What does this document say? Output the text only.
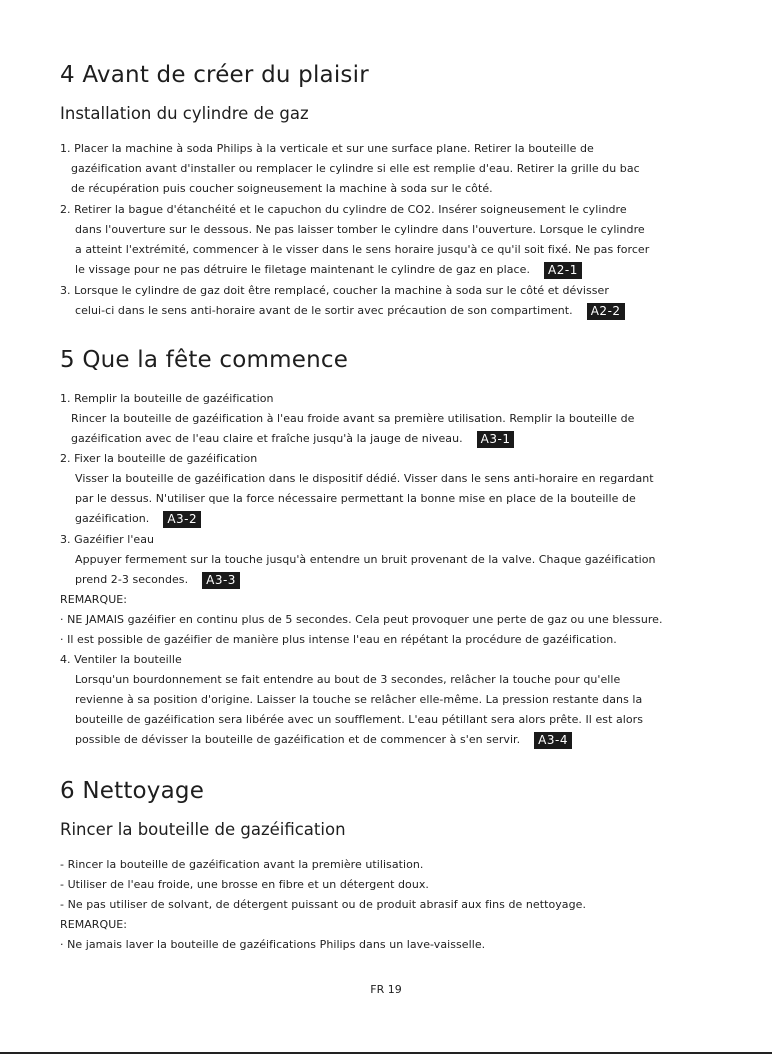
4 Avant de créer du plaisir
Installation du cylindre de gaz
1. Placer la machine à soda Philips à la verticale et sur une surface plane. Retirer la bouteille de
gazéification avant d'installer ou remplacer le cylindre si elle est remplie d'eau. Retirer la grille du bac
de récupération puis coucher soigneusement la machine à soda sur le côté.
2. Retirer la bague d'étanchéité et le capuchon du cylindre de CO2. Insérer soigneusement le cylindre
dans l'ouverture sur le dessous. Ne pas laisser tomber le cylindre dans l'ouverture. Lorsque le cylindre
a atteint l'extrémité, commencer à le visser dans le sens horaire jusqu'à ce qu'il soit fixé. Ne pas forcer
le vissage pour ne pas détruire le filetage maintenant le cylindre de gaz en place. A2-1
3. Lorsque le cylindre de gaz doit être remplacé, coucher la machine à soda sur le côté et dévisser
celui-ci dans le sens anti-horaire avant de le sortir avec précaution de son compartiment. A2-2
5 Que la fête commence
1. Remplir la bouteille de gazéification
Rincer la bouteille de gazéification à l'eau froide avant sa première utilisation. Remplir la bouteille de
gazéification avec de l'eau claire et fraîche jusqu'à la jauge de niveau. A3-1
2. Fixer la bouteille de gazéification
Visser la bouteille de gazéification dans le dispositif dédié. Visser dans le sens anti-horaire en regardant
par le dessus. N'utiliser que la force nécessaire permettant la bonne mise en place de la bouteille de
gazéification. A3-2
3. Gazéifier l'eau
Appuyer fermement sur la touche jusqu'à entendre un bruit provenant de la valve. Chaque gazéification
prend 2-3 secondes. A3-3
REMARQUE:
· NE JAMAIS gazéifier en continu plus de 5 secondes. Cela peut provoquer une perte de gaz ou une blessure.
· Il est possible de gazéifier de manière plus intense l'eau en répétant la procédure de gazéification.
4. Ventiler la bouteille
Lorsqu'un bourdonnement se fait entendre au bout de 3 secondes, relâcher la touche pour qu'elle
revienne à sa position d'origine. Laisser la touche se relâcher elle-même. La pression restante dans la
bouteille de gazéification sera libérée avec un soufflement. L'eau pétillant sera alors prête. Il est alors
possible de dévisser la bouteille de gazéification et de commencer à s'en servir. A3-4
6 Nettoyage
Rincer la bouteille de gazéification
- Rincer la bouteille de gazéification avant la première utilisation.
- Utiliser de l'eau froide, une brosse en fibre et un détergent doux.
- Ne pas utiliser de solvant, de détergent puissant ou de produit abrasif aux fins de nettoyage.
REMARQUE:
· Ne jamais laver la bouteille de gazéifications Philips dans un lave-vaisselle.
FR 19
